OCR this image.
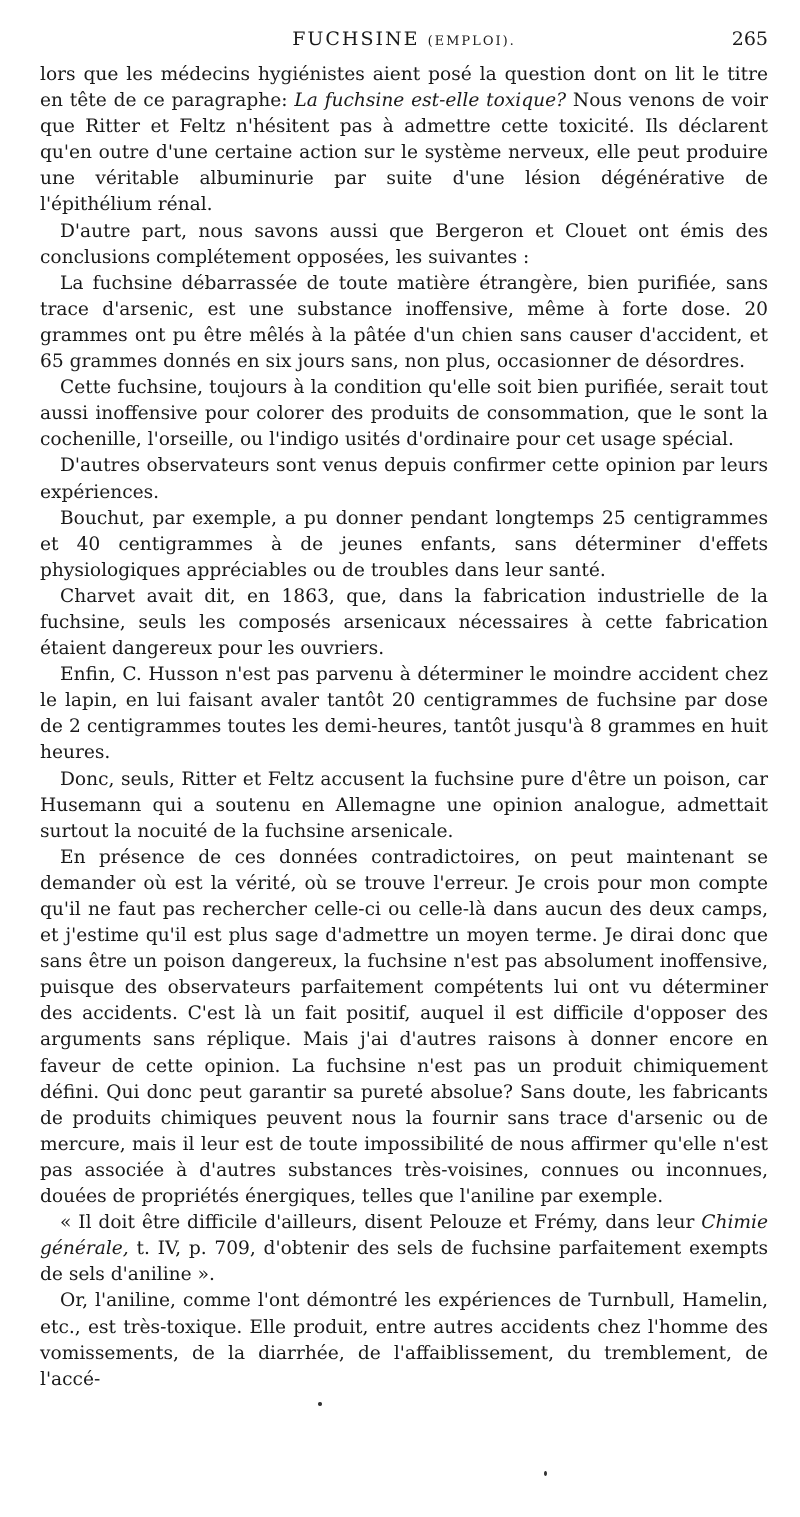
FUCHSINE (EMPLOI).	265

lors que les médecins hygiénistes aient posé la question dont on lit le titre en tête de ce paragraphe: La fuchsine est-elle toxique? Nous venons de voir que Ritter et Feltz n'hésitent pas à admettre cette toxicité. Ils déclarent qu'en outre d'une certaine action sur le système nerveux, elle peut produire une véritable albuminurie par suite d'une lésion dégénérative de l'épithélium rénal.

D'autre part, nous savons aussi que Bergeron et Clouet ont émis des conclusions complétement opposées, les suivantes :

La fuchsine débarrassée de toute matière étrangère, bien purifiée, sans trace d'arsenic, est une substance inoffensive, même à forte dose. 20 grammes ont pu être mêlés à la pâtée d'un chien sans causer d'accident, et 65 grammes donnés en six jours sans, non plus, occasionner de désordres.

Cette fuchsine, toujours à la condition qu'elle soit bien purifiée, serait tout aussi inoffensive pour colorer des produits de consommation, que le sont la cochenille, l'orseille, ou l'indigo usités d'ordinaire pour cet usage spécial.

D'autres observateurs sont venus depuis confirmer cette opinion par leurs expériences.

Bouchut, par exemple, a pu donner pendant longtemps 25 centigrammes et 40 centigrammes à de jeunes enfants, sans déterminer d'effets physiologiques appréciables ou de troubles dans leur santé.

Charvet avait dit, en 1863, que, dans la fabrication industrielle de la fuchsine, seuls les composés arsenicaux nécessaires à cette fabrication étaient dangereux pour les ouvriers.

Enfin, C. Husson n'est pas parvenu à déterminer le moindre accident chez le lapin, en lui faisant avaler tantôt 20 centigrammes de fuchsine par dose de 2 centigrammes toutes les demi-heures, tantôt jusqu'à 8 grammes en huit heures.

Donc, seuls, Ritter et Feltz accusent la fuchsine pure d'être un poison, car Husemann qui a soutenu en Allemagne une opinion analogue, admettait surtout la nocuité de la fuchsine arsenicale.

En présence de ces données contradictoires, on peut maintenant se demander où est la vérité, où se trouve l'erreur. Je crois pour mon compte qu'il ne faut pas rechercher celle-ci ou celle-là dans aucun des deux camps, et j'estime qu'il est plus sage d'admettre un moyen terme. Je dirai donc que sans être un poison dangereux, la fuchsine n'est pas absolument inoffensive, puisque des observateurs parfaitement compétents lui ont vu déterminer des accidents. C'est là un fait positif, auquel il est difficile d'opposer des arguments sans réplique. Mais j'ai d'autres raisons à donner encore en faveur de cette opinion. La fuchsine n'est pas un produit chimiquement défini. Qui donc peut garantir sa pureté absolue? Sans doute, les fabricants de produits chimiques peuvent nous la fournir sans trace d'arsenic ou de mercure, mais il leur est de toute impossibilité de nous affirmer qu'elle n'est pas associée à d'autres substances très-voisines, connues ou inconnues, douées de propriétés énergiques, telles que l'aniline par exemple.

« Il doit être difficile d'ailleurs, disent Pelouze et Frémy, dans leur Chimie générale, t. IV, p. 709, d'obtenir des sels de fuchsine parfaitement exempts de sels d'aniline ».

Or, l'aniline, comme l'ont démontré les expériences de Turnbull, Hamelin, etc., est très-toxique. Elle produit, entre autres accidents chez l'homme des vomissements, de la diarrhée, de l'affaiblissement, du tremblement, de l'accé-
